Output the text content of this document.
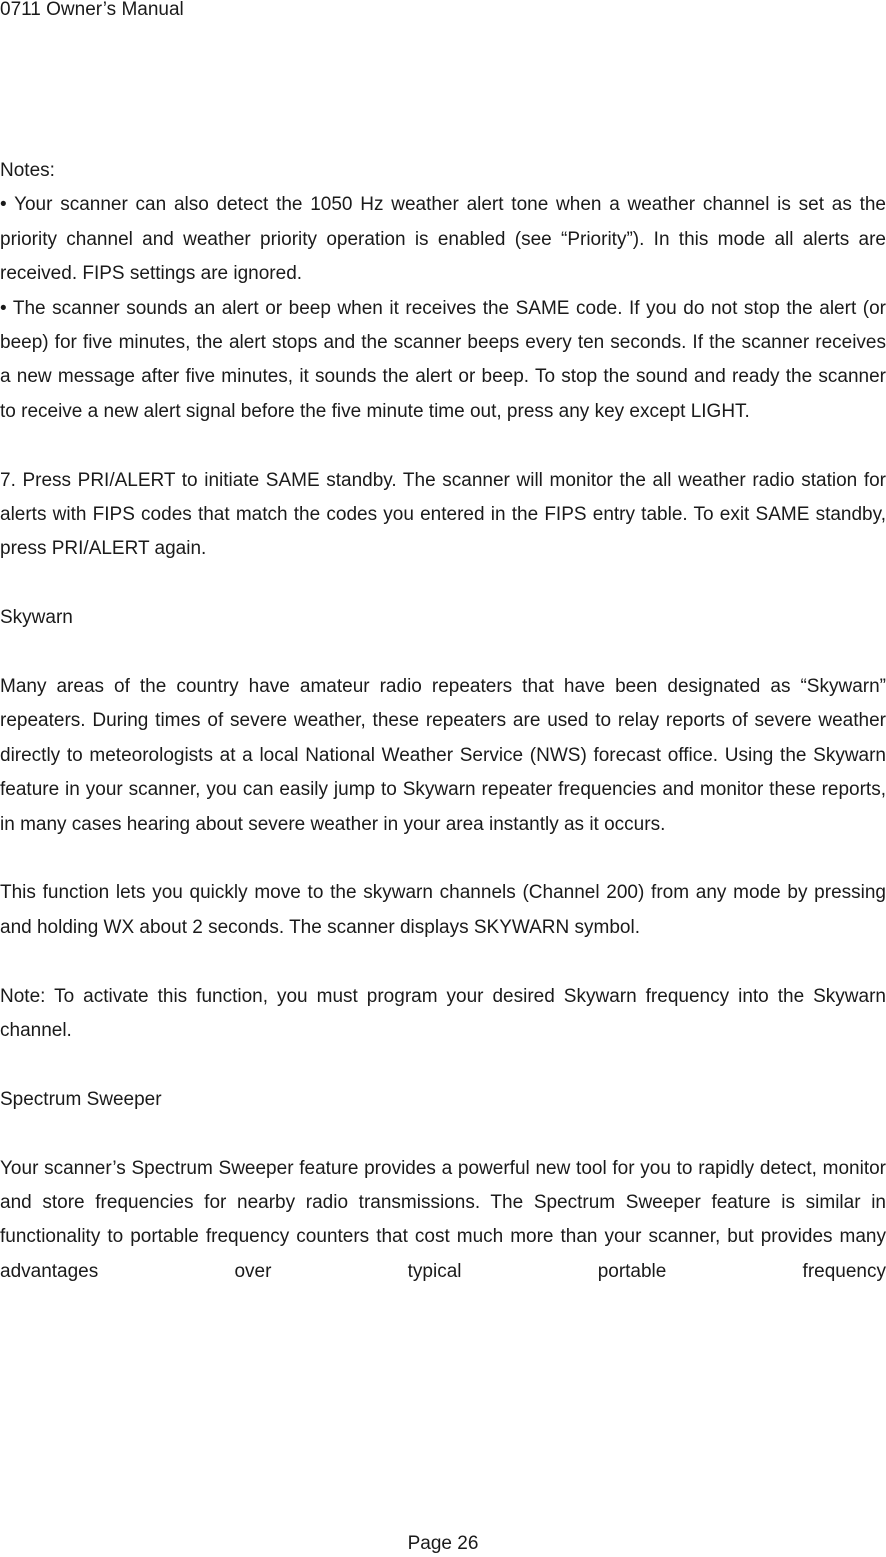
0711 Owner’s Manual

Notes:

• Your scanner can also detect the 1050 Hz weather alert tone when a weather channel is set as the priority channel and weather priority operation is enabled (see “Priority”). In this mode all alerts are received. FIPS settings are ignored.

• The scanner sounds an alert or beep when it receives the SAME code. If you do not stop the alert (or beep) for five minutes, the alert stops and the scanner beeps every ten seconds. If the scanner receives a new message after five minutes, it sounds the alert or beep. To stop the sound and ready the scanner to receive a new alert signal before the five minute time out, press any key except LIGHT.

7. Press PRI/ALERT to initiate SAME standby. The scanner will monitor the all weather radio station for alerts with FIPS codes that match the codes you entered in the FIPS entry table. To exit SAME standby, press PRI/ALERT again.

Skywarn

Many areas of the country have amateur radio repeaters that have been designated as “Skywarn” repeaters. During times of severe weather, these repeaters are used to relay reports of severe weather directly to meteorologists at a local National Weather Service (NWS) forecast office. Using the Skywarn feature in your scanner, you can easily jump to Skywarn repeater frequencies and monitor these reports, in many cases hearing about severe weather in your area instantly as it occurs.

This function lets you quickly move to the skywarn channels (Channel 200) from any mode by pressing and holding WX about 2 seconds. The scanner displays SKYWARN symbol.

Note: To activate this function, you must program your desired Skywarn frequency into the Skywarn channel.

Spectrum Sweeper

Your scanner’s Spectrum Sweeper feature provides a powerful new tool for you to rapidly detect, monitor and store frequencies for nearby radio transmissions. The Spectrum Sweeper feature is similar in functionality to portable frequency counters that cost much more than your scanner, but provides many advantages over typical portable frequency

Page 26
